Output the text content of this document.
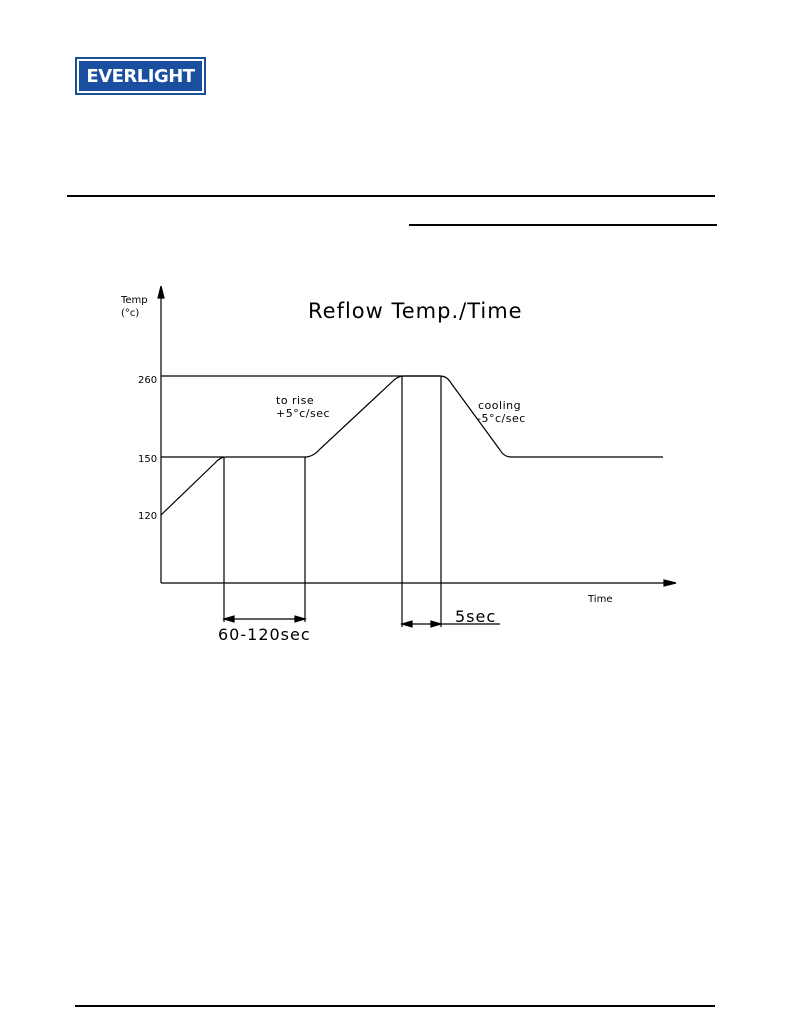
EVERLIGHT
Reflow Temp./Time
Temp
(°c)
260
150
120
to rise
+5°c/sec
cooling
-5°c/sec
Time
60-120sec
5sec
